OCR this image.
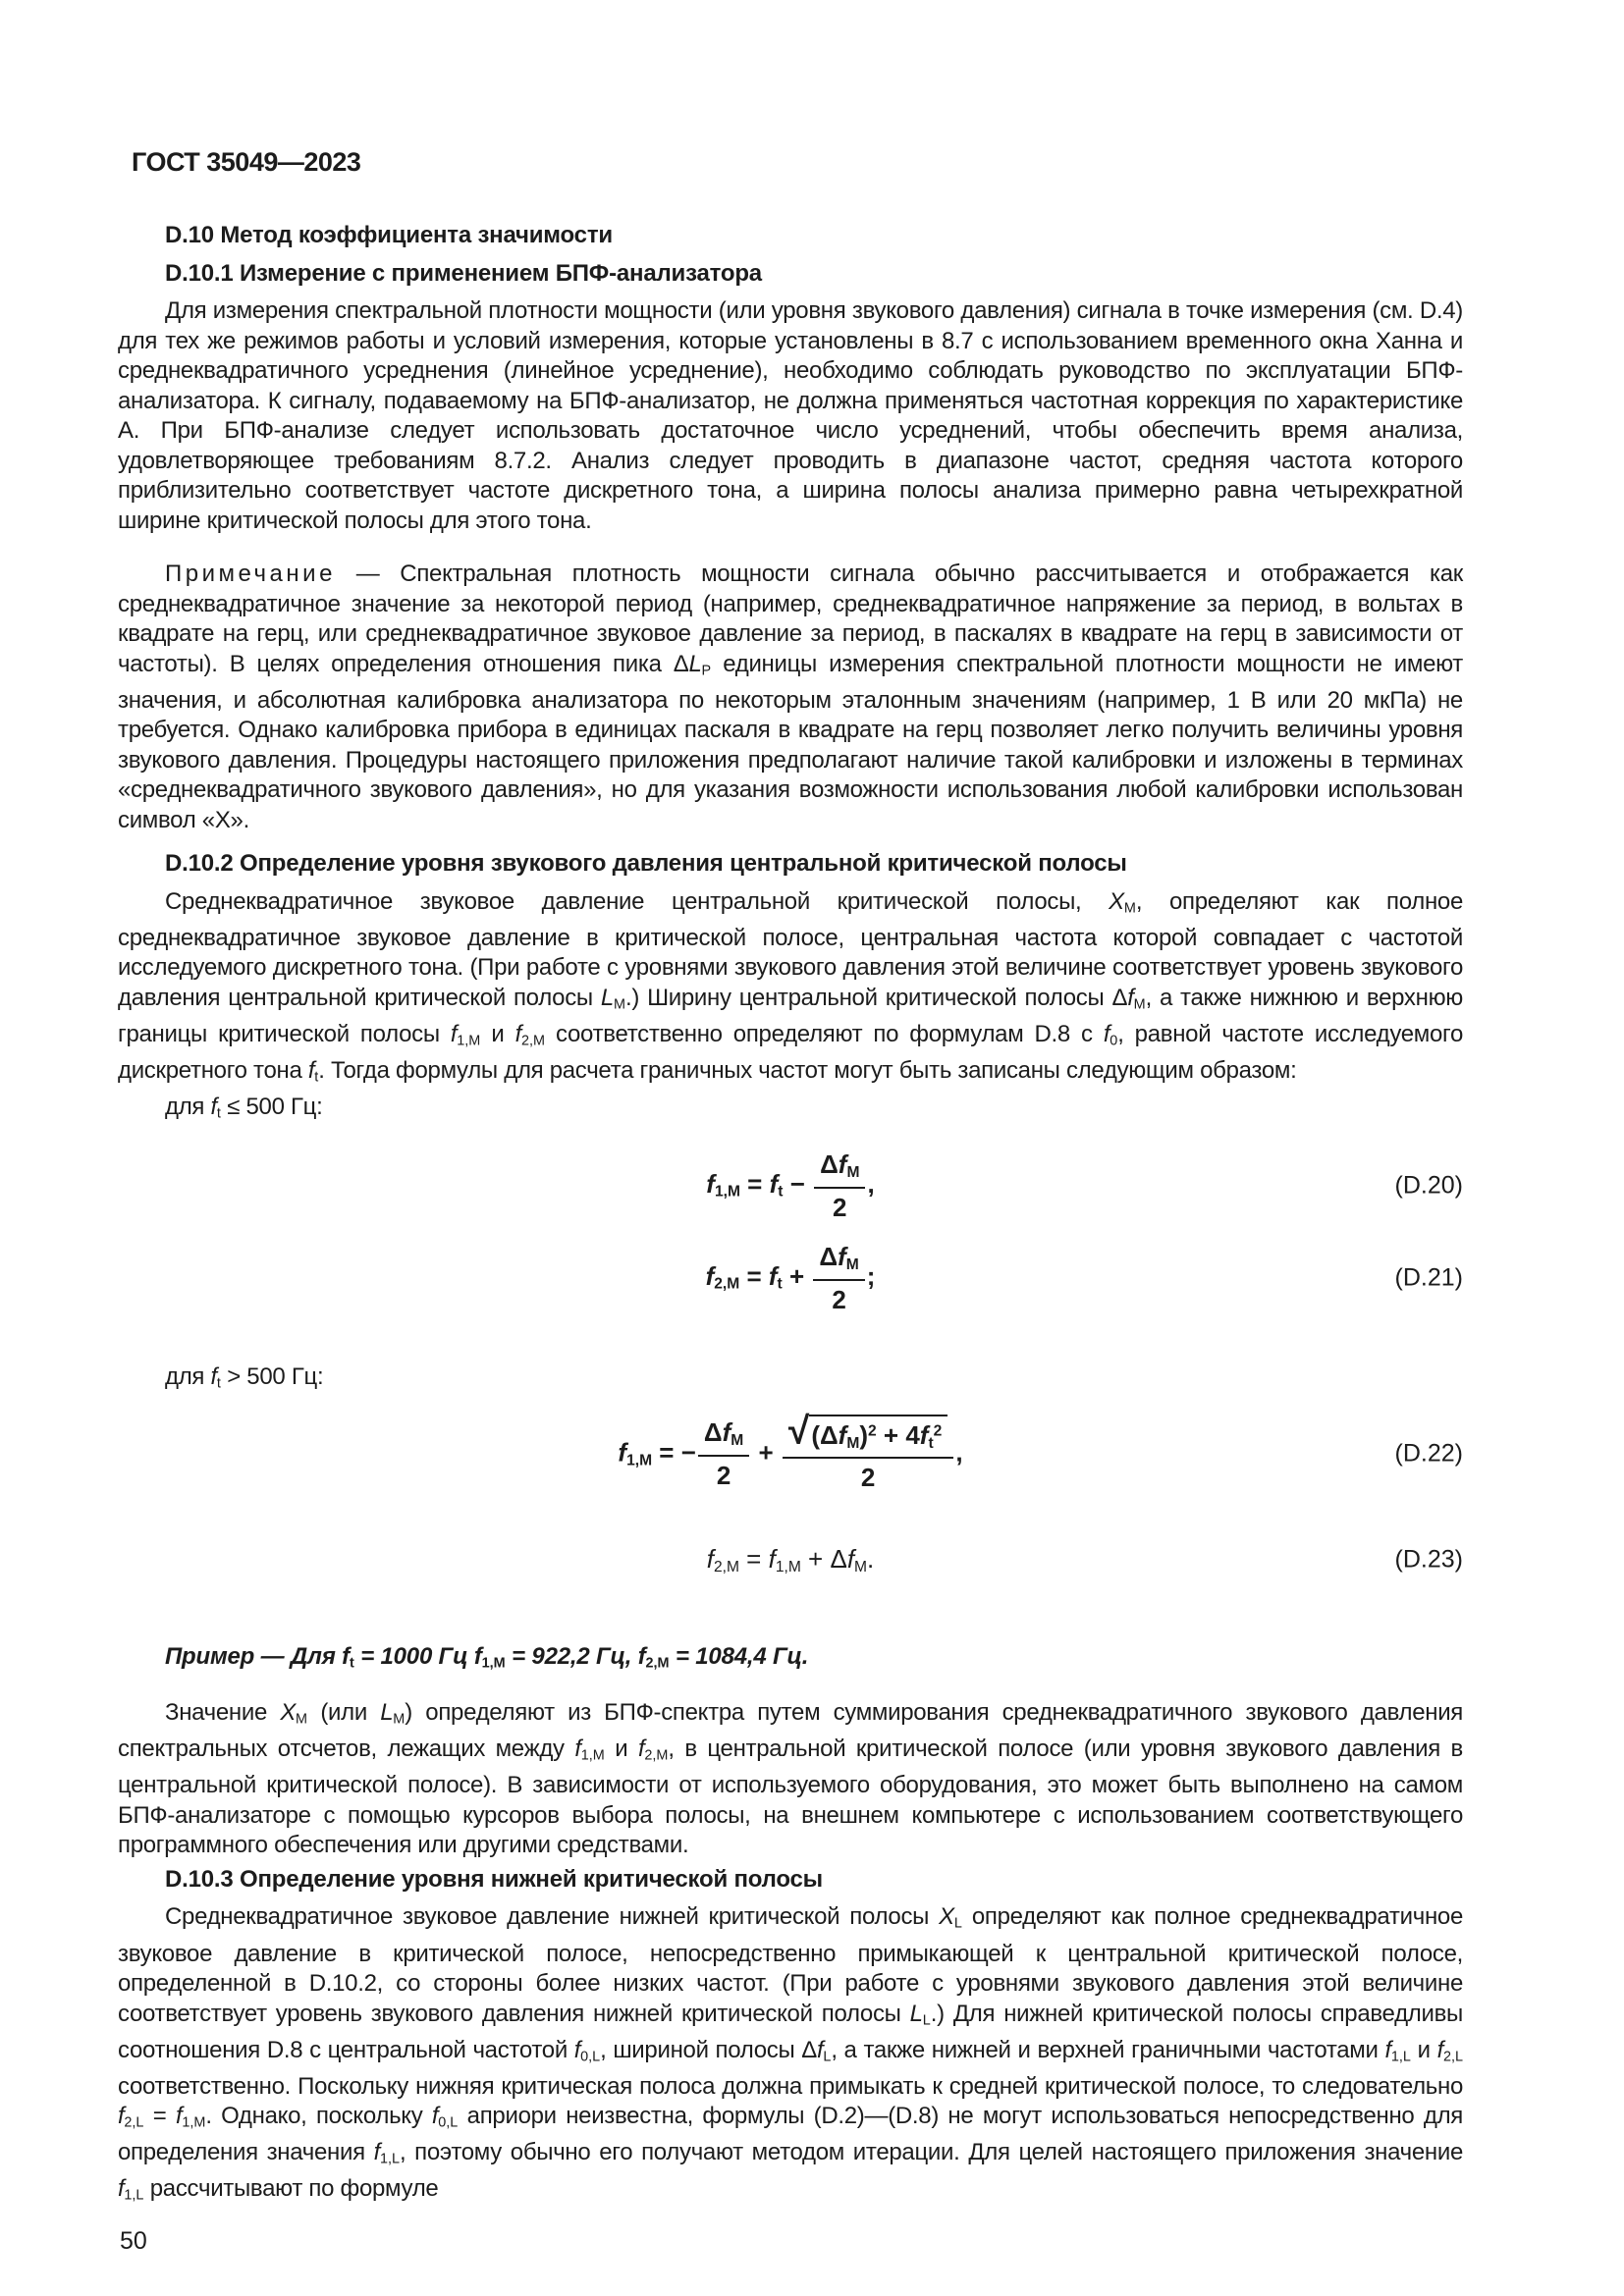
ГОСТ 35049—2023
D.10 Метод коэффициента значимости
D.10.1 Измерение с применением БПФ-анализатора

Для измерения спектральной плотности мощности (или уровня звукового давления) сигнала в точке измерения (см. D.4) для тех же режимов работы и условий измерения, которые установлены в 8.7 с использованием временного окна Ханна и среднеквадратичного усреднения (линейное усреднение), необходимо соблюдать руководство по эксплуатации БПФ-анализатора. К сигналу, подаваемому на БПФ-анализатор, не должна применяться частотная коррекция по характеристике А. При БПФ-анализе следует использовать достаточное число усреднений, чтобы обеспечить время анализа, удовлетворяющее требованиям 8.7.2. Анализ следует проводить в диапазоне частот, средняя частота которого приблизительно соответствует частоте дискретного тона, а ширина полосы анализа примерно равна четырехкратной ширине критической полосы для этого тона.

Примечание — Спектральная плотность мощности сигнала обычно рассчитывается и отображается как среднеквадратичное значение за некоторой период (например, среднеквадратичное напряжение за период, в вольтах в квадрате на герц, или среднеквадратичное звуковое давление за период, в паскалях в квадрате на герц в зависимости от частоты). В целях определения отношения пика ΔLP единицы измерения спектральной плотности мощности не имеют значения, и абсолютная калибровка анализатора по некоторым эталонным значениям (например, 1 В или 20 мкПа) не требуется. Однако калибровка прибора в единицах паскаля в квадрате на герц позволяет легко получить величины уровня звукового давления. Процедуры настоящего приложения предполагают наличие такой калибровки и изложены в терминах «среднеквадратичного звукового давления», но для указания возможности использования любой калибровки использован символ «X».

D.10.2 Определение уровня звукового давления центральной критической полосы

Среднеквадратичное звуковое давление центральной критической полосы, XM, определяют как полное среднеквадратичное звуковое давление в критической полосе, центральная частота которой совпадает с частотой исследуемого дискретного тона. (При работе с уровнями звукового давления этой величине соответствует уровень звукового давления центральной критической полосы LM.) Ширину центральной критической полосы ΔfM, а также нижнюю и верхнюю границы критической полосы f1,M и f2,M соответственно определяют по формулам D.8 с f0, равной частоте исследуемого дискретного тона ft. Тогда формулы для расчета граничных частот могут быть записаны следующим образом:

для ft ≤ 500 Гц:

f1,M = ft −
ΔfM
2
,	(D.20)
f2,M = ft +
ΔfM
2
;	(D.21)

для ft > 500 Гц:

f1,M = −
ΔfM
2
+ √ $(\Delta fM)^2 + 4ft^2$
2
,	(D.22)
f2,M = f1,M + ΔfM.	(D.23)

Пример — Для ft = 1000 Гц f1,M = 922,2 Гц, f2,M = 1084,4 Гц.

Значение XM (или LM) определяют из БПФ-спектра путем суммирования среднеквадратичного звукового давления спектральных отсчетов, лежащих между f1,M и f2,M, в центральной критической полосе (или уровня звукового давления в центральной критической полосе). В зависимости от используемого оборудования, это может быть выполнено на самом БПФ-анализаторе с помощью курсоров выбора полосы, на внешнем компьютере с использованием соответствующего программного обеспечения или другими средствами.

D.10.3 Определение уровня нижней критической полосы

Среднеквадратичное звуковое давление нижней критической полосы XL определяют как полное среднеквадратичное звуковое давление в критической полосе, непосредственно примыкающей к центральной критической полосе, определенной в D.10.2, со стороны более низких частот. (При работе с уровнями звукового давления этой величине соответствует уровень звукового давления нижней критической полосы LL.) Для нижней критической полосы справедливы соотношения D.8 с центральной частотой f0,L, шириной полосы ΔfL, а также нижней и верхней граничными частотами f1,L и f2,L соответственно. Поскольку нижняя критическая полоса должна примыкать к средней критической полосе, то следовательно f2,L = f1,M. Однако, поскольку f0,L априори неизвестна, формулы (D.2)—(D.8) не могут использоваться непосредственно для определения значения f1,L, поэтому обычно его получают методом итерации. Для целей настоящего приложения значение f1,L рассчитывают по формуле

50
